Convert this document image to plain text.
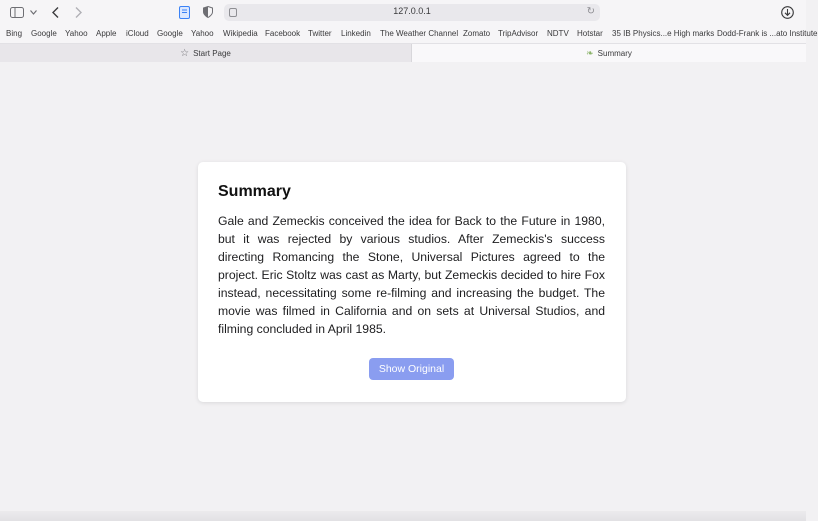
127.0.0.1	↻
Bing Google Yahoo Apple iCloud Google Yahoo Wikipedia Facebook Twitter Linkedin The Weather Channel Zomato TripAdvisor NDTV Hotstar 35 IB Physics...e High marks Dodd-Frank is ...ato Institute
☆ Start Page	❧ Summary
Summary

Gale and Zemeckis conceived the idea for Back to the Future in 1980, but it was rejected by various studios. After Zemeckis's success directing Romancing the Stone, Universal Pictures agreed to the project. Eric Stoltz was cast as Marty, but Zemeckis decided to hire Fox instead, necessitating some re-filming and increasing the budget. The movie was filmed in California and on sets at Universal Studios, and filming concluded in April 1985.

Show Original
